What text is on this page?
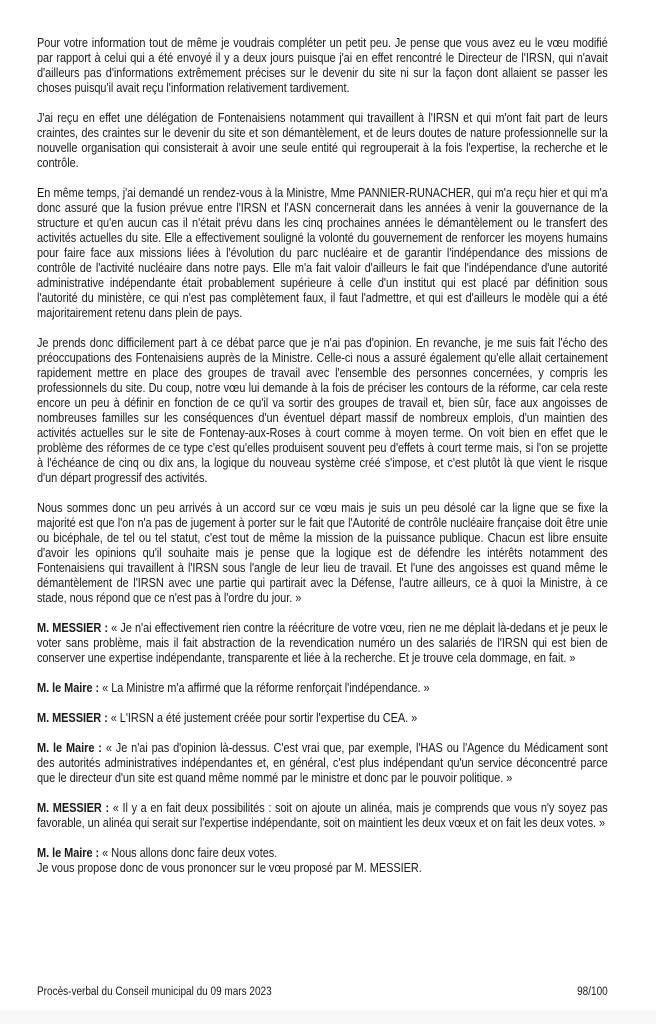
Pour votre information tout de même je voudrais compléter un petit peu. Je pense que vous avez eu le vœu modifié par rapport à celui qui a été envoyé il y a deux jours puisque j'ai en effet rencontré le Directeur de l'IRSN, qui n'avait d'ailleurs pas d'informations extrêmement précises sur le devenir du site ni sur la façon dont allaient se passer les choses puisqu'il avait reçu l'information relativement tardivement.

J'ai reçu en effet une délégation de Fontenaisiens notamment qui travaillent à l'IRSN et qui m'ont fait part de leurs craintes, des craintes sur le devenir du site et son démantèlement, et de leurs doutes de nature professionnelle sur la nouvelle organisation qui consisterait à avoir une seule entité qui regrouperait à la fois l'expertise, la recherche et le contrôle.

En même temps, j'ai demandé un rendez-vous à la Ministre, Mme PANNIER-RUNACHER, qui m'a reçu hier et qui m'a donc assuré que la fusion prévue entre l'IRSN et l'ASN concernerait dans les années à venir la gouvernance de la structure et qu'en aucun cas il n'était prévu dans les cinq prochaines années le démantèlement ou le transfert des activités actuelles du site. Elle a effectivement souligné la volonté du gouvernement de renforcer les moyens humains pour faire face aux missions liées à l'évolution du parc nucléaire et de garantir l'indépendance des missions de contrôle de l'activité nucléaire dans notre pays. Elle m'a fait valoir d'ailleurs le fait que l'indépendance d'une autorité administrative indépendante était probablement supérieure à celle d'un institut qui est placé par définition sous l'autorité du ministère, ce qui n'est pas complètement faux, il faut l'admettre, et qui est d'ailleurs le modèle qui a été majoritairement retenu dans plein de pays.

Je prends donc difficilement part à ce débat parce que je n'ai pas d'opinion. En revanche, je me suis fait l'écho des préoccupations des Fontenaisiens auprès de la Ministre. Celle-ci nous a assuré également qu'elle allait certainement rapidement mettre en place des groupes de travail avec l'ensemble des personnes concernées, y compris les professionnels du site. Du coup, notre vœu lui demande à la fois de préciser les contours de la réforme, car cela reste encore un peu à définir en fonction de ce qu'il va sortir des groupes de travail et, bien sûr, face aux angoisses de nombreuses familles sur les conséquences d'un éventuel départ massif de nombreux emplois, d'un maintien des activités actuelles sur le site de Fontenay-aux-Roses à court comme à moyen terme. On voit bien en effet que le problème des réformes de ce type c'est qu'elles produisent souvent peu d'effets à court terme mais, si l'on se projette à l'échéance de cinq ou dix ans, la logique du nouveau système créé s'impose, et c'est plutôt là que vient le risque d'un départ progressif des activités.

Nous sommes donc un peu arrivés à un accord sur ce vœu mais je suis un peu désolé car la ligne que se fixe la majorité est que l'on n'a pas de jugement à porter sur le fait que l'Autorité de contrôle nucléaire française doit être unie ou bicéphale, de tel ou tel statut, c'est tout de même la mission de la puissance publique. Chacun est libre ensuite d'avoir les opinions qu'il souhaite mais je pense que la logique est de défendre les intérêts notamment des Fontenaisiens qui travaillent à l'IRSN sous l'angle de leur lieu de travail. Et l'une des angoisses est quand même le démantèlement de l'IRSN avec une partie qui partirait avec la Défense, l'autre ailleurs, ce à quoi la Ministre, à ce stade, nous répond que ce n'est pas à l'ordre du jour. »

M. MESSIER : « Je n'ai effectivement rien contre la réécriture de votre vœu, rien ne me déplait là-dedans et je peux le voter sans problème, mais il fait abstraction de la revendication numéro un des salariés de l'IRSN qui est bien de conserver une expertise indépendante, transparente et liée à la recherche. Et je trouve cela dommage, en fait. »

M. le Maire : « La Ministre m'a affirmé que la réforme renforçait l'indépendance. »

M. MESSIER : « L'IRSN a été justement créée pour sortir l'expertise du CEA. »

M. le Maire : « Je n'ai pas d'opinion là-dessus. C'est vrai que, par exemple, l'HAS ou l'Agence du Médicament sont des autorités administratives indépendantes et, en général, c'est plus indépendant qu'un service déconcentré parce que le directeur d'un site est quand même nommé par le ministre et donc par le pouvoir politique. »

M. MESSIER : « Il y a en fait deux possibilités : soit on ajoute un alinéa, mais je comprends que vous n'y soyez pas favorable, un alinéa qui serait sur l'expertise indépendante, soit on maintient les deux vœux et on fait les deux votes. »

M. le Maire : « Nous allons donc faire deux votes.
Je vous propose donc de vous prononcer sur le vœu proposé par M. MESSIER.

Procès-verbal du Conseil municipal du 09 mars 2023	98/100
